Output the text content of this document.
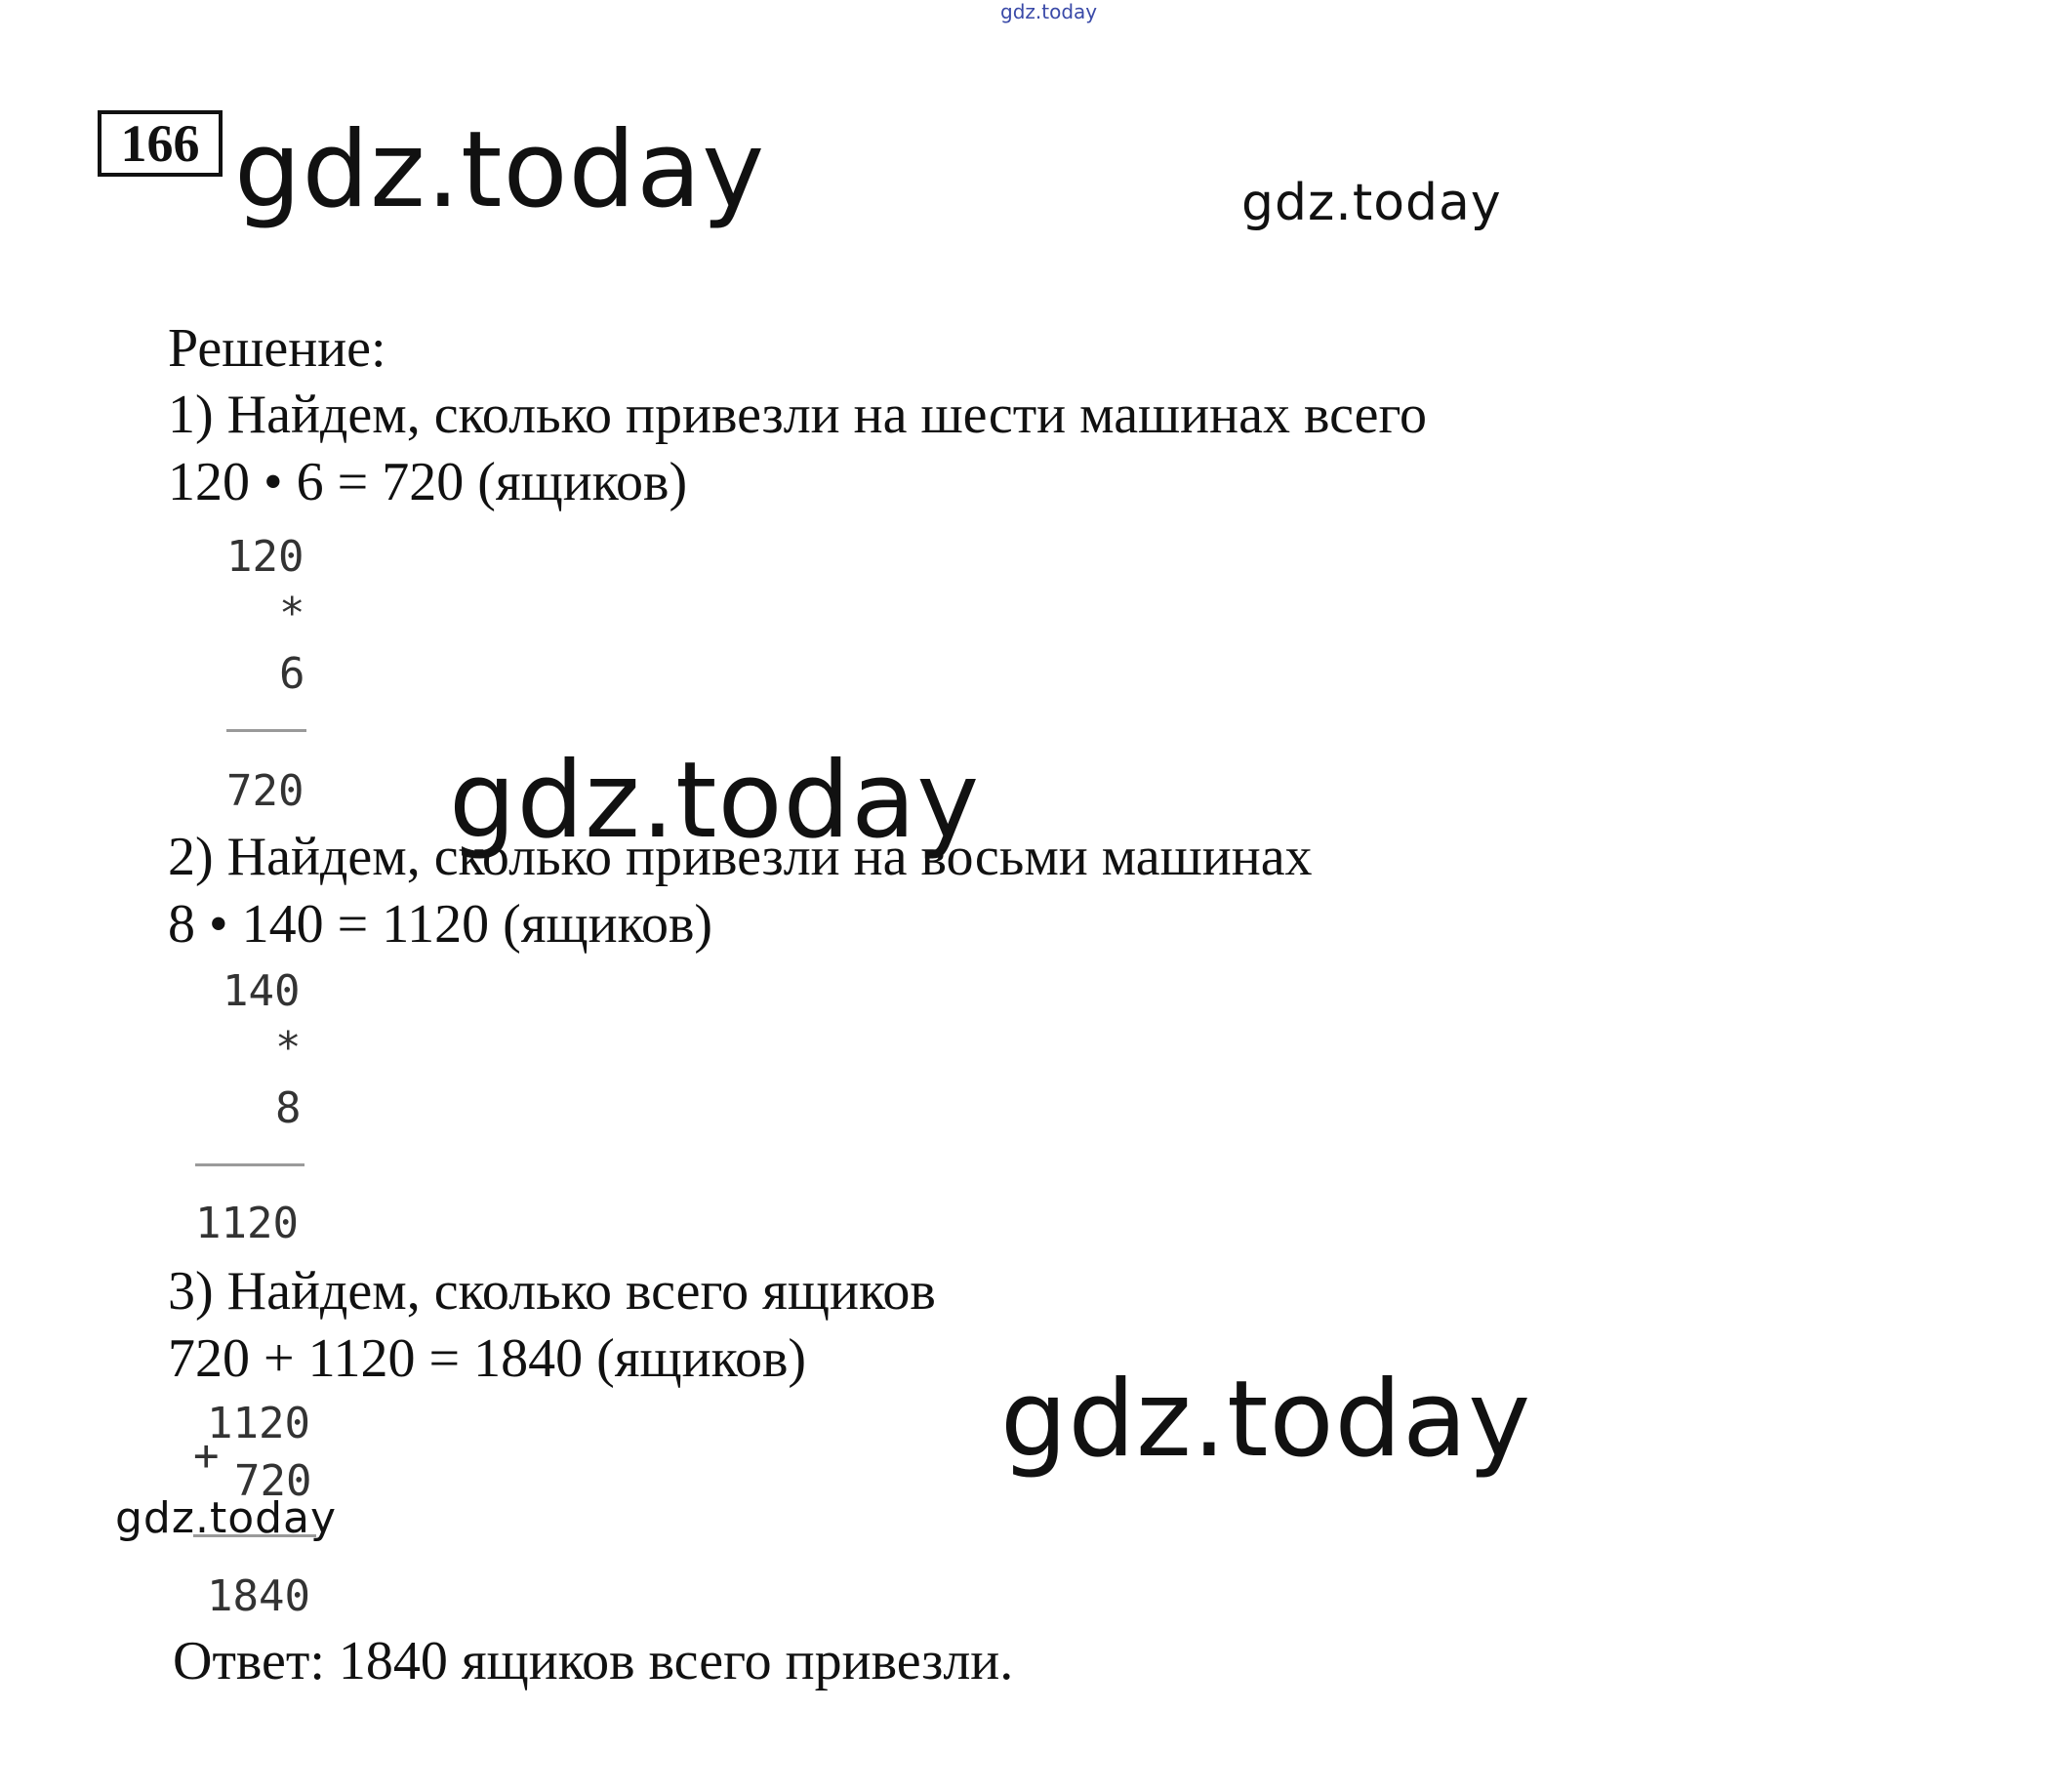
gdz.today
gdz.today	gdz.today
166
Решение:
1) Найдем, сколько привезли на шести машинах всего
120 • 6 = 720 (ящиков)
120
*
6
720 gdz.today
2) Найдем, сколько привезли на восьми машинах
8 • 140 = 1120 (ящиков)
140
*
8
1120
3) Найдем, сколько всего ящиков
720 + 1120 = 1840 (ящиков)
1120
+
720
1840
gdz.today
gdz.today
Ответ: 1840 ящиков всего привезли.
